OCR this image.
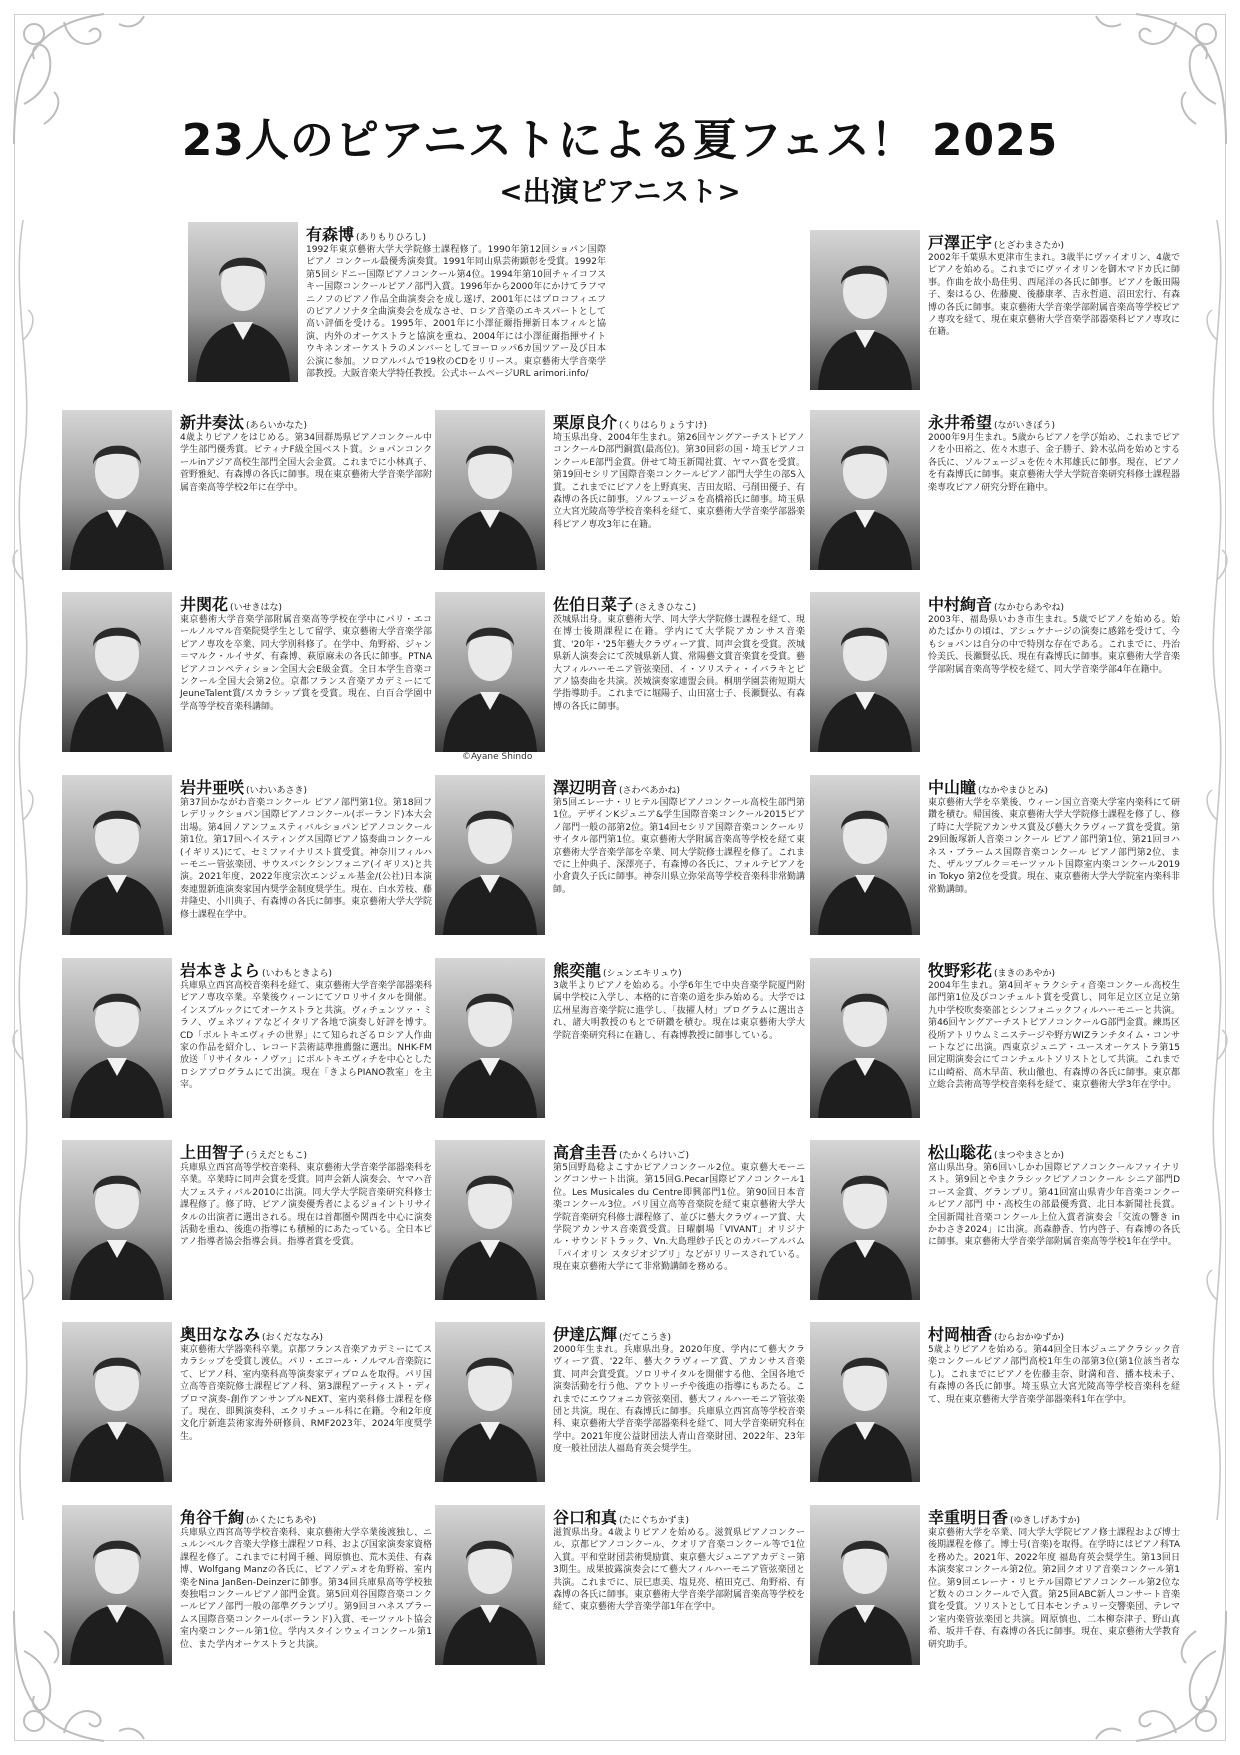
23人のピアニストによる夏フェス！ 2025
<出演ピアニスト>
有森博 (ありもりひろし)
1992年東京藝術大学大学院修士課程修了。1990年第12回ショパン国際ピアノ コンクール最優秀演奏賞。1991年同山県芸術顕彰を受賞。1992年第5回シドニー国際ピアノコンクール第4位。1994年第10回チャイコフスキー国際コンクールピアノ部門入賞。1996年から2000年にかけてラフマニノフのピアノ作品全曲演奏会を成し遂げ、2001年にはプロコフィエフのピアノソナタ全曲演奏会を成なさせ、ロシア音楽のエキスパートとして高い評価を受ける。1995年、2001年に小澤征爾指揮新日本フィルと協演、内外のオーケストラと協演を重ね、2004年には小澤征爾指揮サイトウキネンオーケストラのメンバーとしてヨーロッパ6カ国ツアー及び日本公演に参加。ソロアルバムで19枚のCDをリリース。東京藝術大学音楽学部教授。大阪音楽大学特任教授。公式ホームページURL arimori.info/
戸澤正宇 (とざわまさたか)
2002年千葉県木更津市生まれ。3歳半にヴァイオリン、4歳でピアノを始める。これまでにヴァイオリンを御木マドカ氏に師事。作曲を故小島佳男、西尾洋の各氏に師事。ピアノを飯田陽子、秦はるひ、佐藤慶、後藤康孝、吉永哲道、沼田宏行、有森博の各氏に師事。東京藝術大学音楽学部附属音楽高等学校ピアノ専攻を経て、現在東京藝術大学音楽学部器楽科ピアノ専攻に在籍。
新井奏汰 (あらいかなた)
4歳よりピアノをはじめる。第34回群馬県ピアノコンクール中学生部門優秀賞。ピティナF級全国ベスト賞。ショパンコンクールinアジア高校生部門全国大会金賞。これまでに小林真子、菅野雅紀、有森博の各氏に師事。現在東京藝術大学音楽学部附属音楽高等学校2年に在学中。
栗原良介 (くりはらりょうすけ)
埼玉県出身、2004年生まれ。第26回ヤングアーチストピアノコンクールD部門銅賞(最高位)。第30回彩の国・埼玉ピアノコンクールE部門金賞。併せて埼玉新聞社賞、ヤマハ賞を受賞。第19回セシリア国際音楽コンクールピアノ部門大学生の部S入賞。これまでにピアノを上野真実、吉田友昭、弓削田優子、有森博の各氏に師事。ソルフェージュを高橋裕氏に師事。埼玉県立大宮光陵高等学校音楽科を経て、東京藝術大学音楽学部器楽科ピアノ専攻3年に在籍。
永井希望 (ながいきぼう)
2000年9月生まれ。5歳からピアノを学び始め、これまでピアノを小田裕之、佐々木恵子、金子勝子、鈴木弘尚を始めとする各氏に、ソルフェージュを佐々木邦雄氏に師事。現在、ピアノを有森博氏に師事。東京藝術大学大学院音楽研究科修士課程器楽専攻ピアノ研究分野在籍中。
井関花 (いせきはな)
東京藝術大学音楽学部附属音楽高等学校在学中にパリ・エコールノルマル音楽院奨学生として留学、東京藝術大学音楽学部ピアノ専攻を卒業、同大学別科修了。在学中、角野裕、ジャン＝マルク・ルイサダ、有森博、萩原麻未の各氏に師事。PTNAピアノコンペティション全国大会E級金賞。全日本学生音楽コンクール全国大会第2位。京都フランス音楽アカデミーにてJeuneTalent賞/スカラシップ賞を受賞。現在、白百合学園中学高等学校音楽科講師。
佐伯日菜子 (さえきひなこ)
茨城県出身。東京藝術大学、同大学大学院修士課程を経て、現在博士後期課程に在籍。学内にて大学院アカンサス音楽賞、'20年・'25年藝大クラヴィーア賞、同声会賞を受賞。茨城県新人演奏会にて茨城県新人賞、常陽藝文賞音楽賞を受賞。藝大フィルハーモニア管弦楽団、イ・ソリスティ・イバラキとピアノ協奏曲を共演。茨城演奏家連盟会員。桐朋学園芸術短期大学指導助手。これまでに堀陽子、山田富士子、長瀬賢弘、有森博の各氏に師事。
中村絢音 (なかむらあやね)
2003年、福島県いわき市生まれ。5歳でピアノを始める。始めたばかりの頃は、アシュケナージの演奏に感銘を受けて、今もショパンは自分の中で特別な存在である。これまでに、丹治怜美氏、長瀬賢弘氏、現在有森博氏に師事。東京藝術大学音楽学部附属音楽高等学校を経て、同大学音楽学部4年在籍中。
岩井亜咲 (いわいあさき)
第37回かながわ音楽コンクール ピアノ部門第1位。第18回フレデリックショパン国際ピアノコンクール(ポーランド)本大会出場。第4回ノアンフェスティバルショパンピアノコンクール第1位。第17回ヘイスティングス国際ピアノ協奏曲コンクール(イギリス)にて、セミファイナリスト賞受賞。神奈川フィルハーモニー管弦楽団、サウスバンクシンフォニア(イギリス)と共演。2021年度、2022年度宗次エンジェル基金/(公社)日本演奏連盟新進演奏家国内奨学金制度奨学生。現在、白水芳枝、藤井隆史、小川典子、有森博の各氏に師事。東京藝術大学大学院修士課程在学中。
澤辺明音 (さわべあかね)
第5回エレーナ・リヒテル国際ピアノコンクール高校生部門第1位。デザインKジュニア&学生国際音楽コンクール2015ピアノ部門一般の部第2位。第14回セシリア国際音楽コンクールリサイタル部門第1位。東京藝術大学附属音楽高等学校を経て東京藝術大学音楽学部を卒業、同大学院修士課程を修了。これまでに上仲典子、深澤亮子、有森博の各氏に、フォルテピアノを小倉貴久子氏に師事。神奈川県立弥栄高等学校音楽科非常勤講師。
中山瞳 (なかやまひとみ)
東京藝術大学を卒業後、ウィーン国立音楽大学室内楽科にて研鑽を積む。帰国後、東京藝術大学大学院修士課程を修了し、修了時に大学院アカンサス賞及び藝大クラヴィーア賞を受賞。第29回飯塚新人音楽コンクール ピアノ部門第1位、第21回ヨハネス・ブラームス国際音楽コンクール ピアノ部門第2位、また、ザルツブルク＝モーツァルト国際室内楽コンクール2019 in Tokyo 第2位を受賞。現在、東京藝術大学大学院室内楽科非常勤講師。
岩本きよら (いわもときよら)
兵庫県立西宮高校音楽科を経て、東京藝術大学音楽学部器楽科ピアノ専攻卒業。卒業後ウィーンにてソロリサイタルを開催。インスブルックにてオーケストラと共演。ヴィチェンツァ・ミラノ、ヴェネツィアなどイタリア各地で演奏し好評を博す。CD「ボルトキエヴィチの世界」にて知られざるロシア人作曲家の作品を紹介し、レコード芸術誌準推薦盤に選出。NHK-FM放送「リサイタル・ノヴァ」にボルトキエヴィチを中心としたロシアプログラムにて出演。現在「きよらPIANO教室」を主宰。
熊奕龍 (シュンエキリュウ)
3歳半よりピアノを始める。小学6年生で中央音楽学院厦門附属中学校に入学し、本格的に音楽の道を歩み始める。大学では広州星海音楽学院に進学し、「抜擢人材」プログラムに選出され、諸大明教授のもとで研鑽を積む。現在は東京藝術大学大学院音楽研究科に在籍し、有森博教授に師事している。
牧野彩花 (まきのあやか)
2004年生まれ。第4回ギャラクシティ音楽コンクール高校生部門第1位及びコンチェルト賞を受賞し、同年足立区立足立第九中学校吹奏楽部とシンフォニックフィルハーモニーと共演。第46回ヤングアーチストピアノコンクールG部門金賞。練馬区役所アトリウムミニステージや野方WIZランチタイム・コンサートなどに出演。西東京ジュニア・ユースオーケストラ第15回定期演奏会にてコンチェルトソリストとして共演。これまでに山崎裕、高木早苗、秋山徹也、有森博の各氏に師事。東京都立総合芸術高等学校音楽科を経て、東京藝術大学3年在学中。
上田智子 (うえだともこ)
兵庫県立西宮高等学校音楽科、東京藝術大学音楽学部器楽科を卒業。卒業時に同声会賞を受賞。同声会新人演奏会、ヤマハ音大フェスティバル2010に出演。同大学大学院音楽研究科修士課程修了。修了時、ピアノ演奏優秀者によるジョイントリサイタルの出演者に選出される。現在は首都圏や関西を中心に演奏活動を重ね、後進の指導にも積極的にあたっている。全日本ピアノ指導者協会指導会員。指導者賞を受賞。
高倉圭吾 (たかくらけいご)
第5回野島稔よこすかピアノコンクール2位。東京藝大モーニングコンサート出演。第15回G.Pecar国際ピアノコンクール1位。Les Musicales du Centre即興部門1位。第90回日本音楽コンクール3位。パリ国立高等音楽院を経て東京藝術大学大学院音楽研究科修士課程修了、並びに藝大クラヴィーア賞、大学院アカンサス音楽賞受賞。日曜劇場「VIVANT」オリジナル・サウンドトラック、Vn.大島理紗子氏とのカバーアルバム「パイオリン スタジオジブリ」などがリリースされている。現在東京藝術大学にて非常勤講師を務める。
松山聡花 (まつやまさとか)
富山県出身。第6回いしかわ国際ピアノコンクールファイナリスト。第9回とやまクラシックピアノコンクール シニア部門Dコース金賞、グランプリ。第41回富山県青少年音楽コンクールピアノ部門 中・高校生の部最優秀賞、北日本新聞社長賞。全国新聞社音楽コンクール上位入賞者演奏会「交流の響き in かわさき2024」に出演。高森静香、竹内啓子、有森博の各氏に師事。東京藝術大学音楽学部附属音楽高等学校1年在学中。
奥田ななみ (おくだななみ)
東京藝術大学器楽科卒業。京都フランス音楽アカデミーにてスカラシップを受賞し渡仏。パリ・エコール・ノルマル音楽院にて、ピアノ科、室内楽科高等演奏家ディプロムを取得。パリ国立高等音楽院修士課程ピアノ科、第3課程アーティスト・ディプロマ演奏-創作アンサンブルNEXT、室内楽科修士課程を修了。現在、即興演奏科、エクリチュール科に在籍。令和2年度文化庁新進芸術家海外研修員、RMF2023年、2024年度奨学生。
伊達広輝 (だてこうき)
2000年生まれ。兵庫県出身。2020年度、学内にて藝大クラヴィーア賞、'22年、藝大クラヴィーア賞、アカンサス音楽賞、同声会賞受賞。ソロリサイタルを開催する他、全国各地で演奏活動を行う他、アウトリーチや後進の指導にもあたる。これまでにエウフォニカ管弦楽団、藝大フィルハーモニア管弦楽団と共演。現在、有森博氏に師事。兵庫県立西宮高等学校音楽科、東京藝術大学音楽学部器楽科を経て、同大学音楽研究科在学中。2021年度公益財団法人青山音楽財団、2022年、23年度一般社団法人福島育英会奨学生。
村岡柚香 (むらおかゆずか)
5歳よりピアノを始める。第44回全日本ジュニアクラシック音楽コンクールピアノ部門高校1年生の部第3位(第1位該当者なし)。これまでにピアノを佐藤圭奈、財満和音、播本枝未子、有森博の各氏に師事。埼玉県立大宮光陵高等学校音楽科を経て、現在東京藝術大学音楽学部器楽科1年在学中。
角谷千絢 (かくたにちあや)
兵庫県立西宮高等学校音楽科、東京藝術大学卒業後渡独し、ニュルンベルク音楽大学修士課程ソロ科、および国家演奏家資格課程を修了。これまでに村岡千種、岡原慎也、荒木美佳、有森博、Wolfgang Manzの各氏に、ピアノデュオを角野裕、室内楽をNina Janßen-Deinzerに師事。第34回兵庫県高等学校独奏独唱コンクールピアノ部門金賞。第5回刈谷国際音楽コンクールピアノ部門一般の部準グランプリ。第9回ヨハネスブラームス国際音楽コンクール(ポーランド)入賞、モーツァルト協会室内楽コンクール第1位。学内スタインウェイコンクール第1位、また学内オーケストラと共演。
谷口和真 (たにぐちかずま)
滋賀県出身。4歳よりピアノを始める。滋賀県ピアノコンクール、京都ピアノコンクール、クオリア音楽コンクール等で1位入賞。平和堂財団芸術奨励賞、東京藝大ジュニアアカデミー第3期生。成果披露演奏会にて藝大フィルハーモニア管弦楽団と共演。これまでに、辰巳恵美、塩見亮、植田克己、角野裕、有森博の各氏に師事。東京藝術大学音楽学部附属音楽高等学校を経て、東京藝術大学音楽学部1年在学中。
幸重明日香 (ゆきしげあすか)
東京藝術大学を卒業、同大学大学院ピアノ修士課程および博士後期課程を修了。博士号(音楽)を取得。在学時にはピアノ科TAを務めた。2021年、2022年度 福島育英会奨学生。第13回日本演奏家コンクール第2位。第2回クオリア音楽コンクール第1位。第9回エレーナ・リヒテル国際ピアノコンクール第2位など数々のコンクールで入賞。第25回ABC新人コンサート音楽賞を受賞。ソリストとして日本センチュリー交響楽団、テレマン室内楽管弦楽団と共演。岡原慎也、二本柳奈津子、野山真希、坂井千春、有森博の各氏に師事。現在、東京藝術大学教育研究助手。
©Ayane Shindo
